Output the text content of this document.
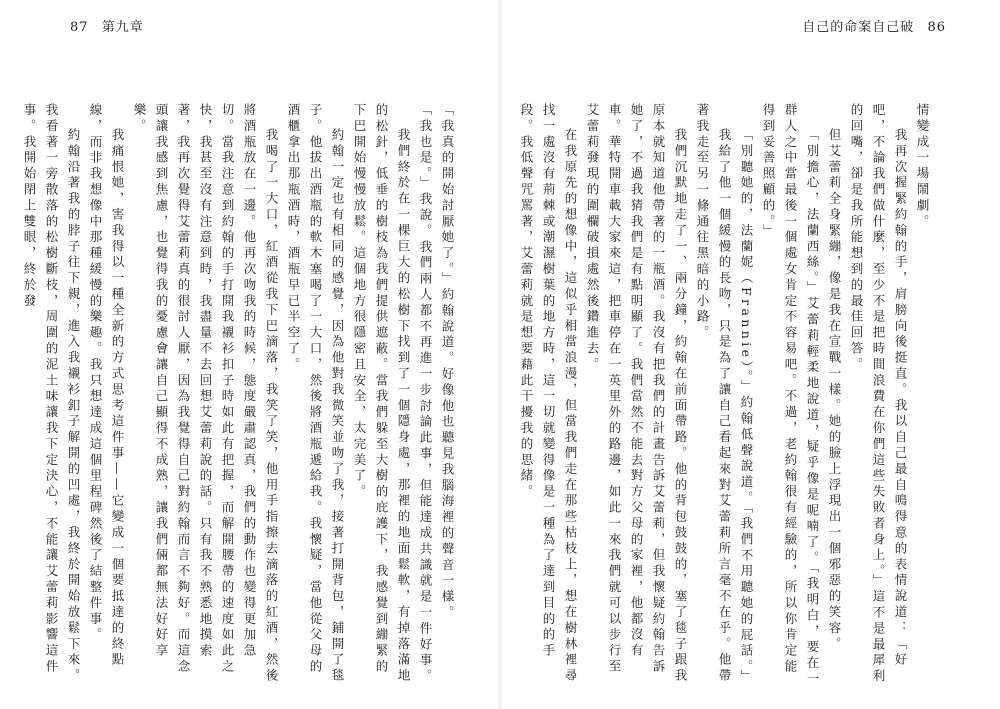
87 第九章	自己的命案自己破 86

「我真的開始討厭她了。」約翰說道。好像他也聽見我腦海裡的聲音一樣。

「我也是。」我說。我們兩人都不再進一步討論此事，但能達成共識就是一件好事。

我們終於在一棵巨大的松樹下找到了一個隱身處，那裡的地面鬆軟，有掉落滿地的松針，低垂的樹枝為我們提供遮蔽。當我們躲至大樹的庇護下，我感覺到繃緊的下巴開始慢慢放鬆。這個地方很隱密且安全，太完美了。

約翰一定也有相同的感覺，因為他對我微笑並吻了我，接著打開背包，鋪開了毯子。他拔出酒瓶的軟木塞喝了一大口，然後將酒瓶遞給我。我懷疑，當他從父母的酒櫃拿出那瓶酒時，酒瓶早已半空了。

我喝了一大口，紅酒從我下巴滴落，我笑了笑，他用手指擦去滴落的紅酒，然後將酒瓶放在一邊。他再次吻我的時候，態度嚴肅認真，我們的動作也變得更加急切。當我注意到約翰的手打開我襯衫扣子時如此有把握，而解開腰帶的速度如此之快，我甚至沒有注意到時，我盡量不去回想艾蕾莉說的話。只有我不熟悉地摸索著，我再次覺得艾蕾莉真的很討人厭，因為我覺得自己對約翰而言不夠好。而這念頭讓我感到焦慮，也覺得我的憂慮會讓自己顯得不成熟，讓我們倆都無法好好享樂。

我痛恨她，害我得以一種全新的方式思考這件事——它變成一個要抵達的終點線，而非我想像中那種緩慢的樂趣。我只想達成這個里程碑然後了結整件事。

約翰沿著我的脖子往下親，進入我襯衫釦子解開的凹處，我終於開始放鬆下來。我看著一旁散落的松樹斷枝，周圍的泥土味讓我下定決心，不能讓艾蕾莉影響這件事。我開始閉上雙眼，終於發	情變成一場鬧劇。

我再次握緊約翰的手，肩膀向後挺直。我以自己最自鳴得意的表情說道：「好吧，不論我們做什麼，至少不是把時間浪費在你們這些失敗者身上。」這不是最犀利的回嘴，卻是我所能想到的最佳回答。

但艾蕾莉全身緊繃，像是我在宣戰一樣。她的臉上浮現出一個邪惡的笑容。

「別擔心，法蘭西絲。」艾蕾莉輕柔地說道，疑乎像是呢喃了。「我明白，要在一群人之中當最後一個處女肯定不容易吧。不過，老約翰很有經驗的，所以你肯定能得到妥善照顧的。」

「別聽她的，法蘭妮（Frannie）。」約翰低聲說道。「我們不用聽她的屁話。」

我給了他一個緩慢的長吻，只是為了讓自己看起來對艾蕾莉所言毫不在乎。他帶著我走至另一條通往黑暗的小路。

我們沉默地走了一、兩分鐘，約翰在前面帶路。他的背包鼓鼓的，塞了毯子跟我原本就知道他帶著的一瓶酒。我沒有把我們的計畫告訴艾蕾莉，但我懷疑約翰告訴她了，不過我猜我們是有點明顯了。我們當然不能去對方父母的家裡，他都沒有車。華特開車載大家來這，把車停在一英里外的路邊，如此一來我們就可以步行至艾蕾莉發現的圍欄破損處然後鑽進去。

在我原先的想像中，這似乎相當浪漫，但當我們走在那些枯枝上，想在樹林裡尋找一處沒有荊棘或潮濕樹葉的地方時，這一切就變得像是一種為了達到目的的手段。我低聲咒罵著，艾蕾莉就是想要藉此干擾我的思緒。
